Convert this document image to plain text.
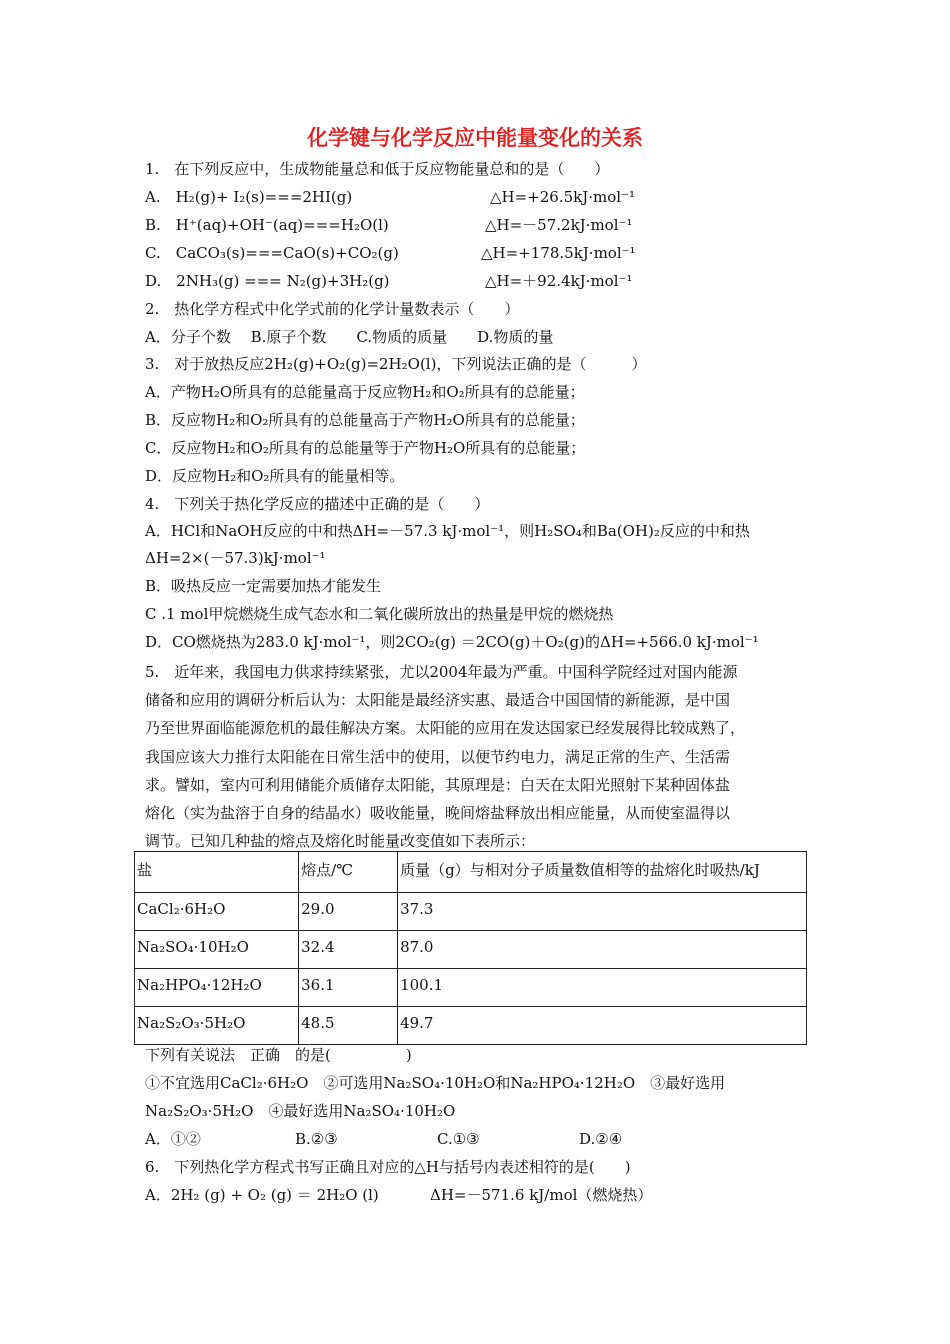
化学键与化学反应中能量变化的关系
1.　在下列反应中，生成物能量总和低于反应物能量总和的是（　　）
A.　H₂(g)+ I₂(s)===2HI(g)	△H=+26.5kJ·mol⁻¹
B.　H⁺(aq)+OH⁻(aq)===H₂O(l)	△H=－57.2kJ·mol⁻¹
C.　CaCO₃(s)===CaO(s)+CO₂(g)	△H=+178.5kJ·mol⁻¹
D.　2NH₃(g) === N₂(g)+3H₂(g)	△H=＋92.4kJ·mol⁻¹
2.　热化学方程式中化学式前的化学计量数表示（　　）
A．分子个数　 B.原子个数　　C.物质的质量　　D.物质的量
3.　对于放热反应2H₂(g)+O₂(g)=2H₂O(l)，下列说法正确的是（　　　）
A．产物H₂O所具有的总能量高于反应物H₂和O₂所具有的总能量；
B．反应物H₂和O₂所具有的总能量高于产物H₂O所具有的总能量；
C．反应物H₂和O₂所具有的总能量等于产物H₂O所具有的总能量；
D．反应物H₂和O₂所具有的能量相等。
4.　下列关于热化学反应的描述中正确的是（　　）
A．HCl和NaOH反应的中和热ΔH=－57.3 kJ·mol⁻¹，则H₂SO₄和Ba(OH)₂反应的中和热
ΔH=2×(－57.3)kJ·mol⁻¹
B．吸热反应一定需要加热才能发生
C .1 mol甲烷燃烧生成气态水和二氧化碳所放出的热量是甲烷的燃烧热
D．CO燃烧热为283.0 kJ·mol⁻¹，则2CO₂(g) ＝2CO(g)＋O₂(g)的ΔH=+566.0 kJ·mol⁻¹
5.　近年来，我国电力供求持续紧张，尤以2004年最为严重。中国科学院经过对国内能源
储备和应用的调研分析后认为：太阳能是最经济实惠、最适合中国国情的新能源，是中国
乃至世界面临能源危机的最佳解决方案。太阳能的应用在发达国家已经发展得比较成熟了，
我国应该大力推行太阳能在日常生活中的使用，以便节约电力，满足正常的生产、生活需
求。譬如，室内可利用储能介质储存太阳能，其原理是：白天在太阳光照射下某种固体盐
熔化（实为盐溶于自身的结晶水）吸收能量，晚间熔盐释放出相应能量，从而使室温得以
调节。已知几种盐的熔点及熔化时能量改变值如下表所示：
盐	熔点/℃	质量（g）与相对分子质量数值相等的盐熔化时吸热/kJ
CaCl₂·6H₂O	29.0	37.3
Na₂SO₄·10H₂O	32.4	87.0
Na₂HPO₄·12H₂O	36.1	100.1
Na₂S₂O₃·5H₂O	48.5	49.7
下列有关说法　正确　的是(　　　　　)
①不宜选用CaCl₂·6H₂O　②可选用Na₂SO₄·10H₂O和Na₂HPO₄·12H₂O　③最好选用
Na₂S₂O₃·5H₂O　④最好选用Na₂SO₄·10H₂O
A．①②	B.②③	C.①③	D.②④
6.　下列热化学方程式书写正确且对应的△H与括号内表述相符的是(　　)
A．2H₂ (g) + O₂ (g) ＝ 2H₂O (l)	ΔH=－571.6 kJ/mol（燃烧热）
